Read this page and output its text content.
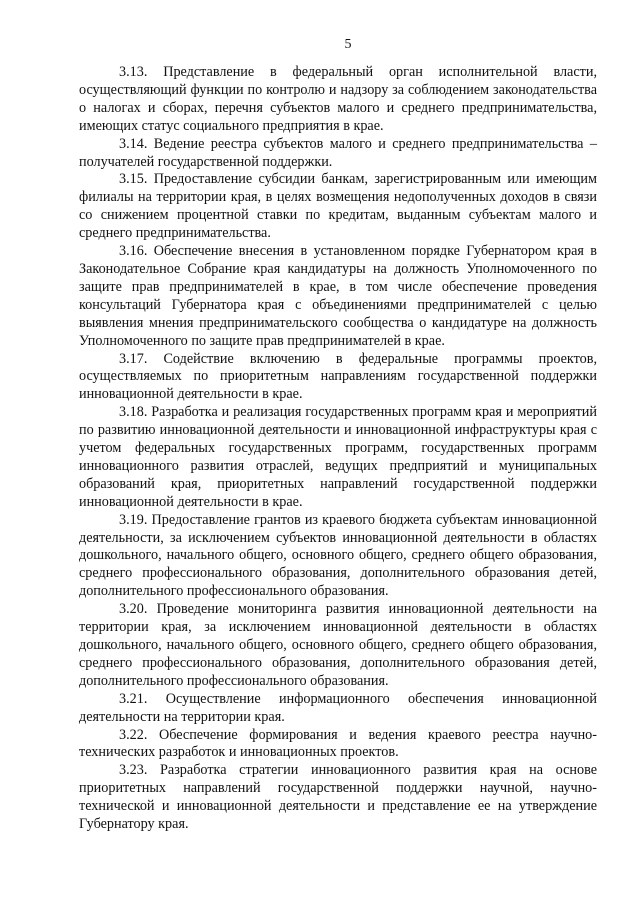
5

3.13. Представление в федеральный орган исполнительной власти, осуществляющий функции по контролю и надзору за соблюдением законодательства о налогах и сборах, перечня субъектов малого и среднего предпринимательства, имеющих статус социального предприятия в крае.

3.14. Ведение реестра субъектов малого и среднего предпринимательства – получателей государственной поддержки.

3.15. Предоставление субсидии банкам, зарегистрированным или имеющим филиалы на территории края, в целях возмещения недополученных доходов в связи со снижением процентной ставки по кредитам, выданным субъектам малого и среднего предпринимательства.

3.16. Обеспечение внесения в установленном порядке Губернатором края в Законодательное Собрание края кандидатуры на должность Уполномоченного по защите прав предпринимателей в крае, в том числе обеспечение проведения консультаций Губернатора края с объединениями предпринимателей с целью выявления мнения предпринимательского сообщества о кандидатуре на должность Уполномоченного по защите прав предпринимателей в крае.

3.17. Содействие включению в федеральные программы проектов, осуществляемых по приоритетным направлениям государственной поддержки инновационной деятельности в крае.

3.18. Разработка и реализация государственных программ края и мероприятий по развитию инновационной деятельности и инновационной инфраструктуры края с учетом федеральных государственных программ, государственных программ инновационного развития отраслей, ведущих предприятий и муниципальных образований края, приоритетных направлений государственной поддержки инновационной деятельности в крае.

3.19. Предоставление грантов из краевого бюджета субъектам инновационной деятельности, за исключением субъектов инновационной деятельности в областях дошкольного, начального общего, основного общего, среднего общего образования, среднего профессионального образования, дополнительного образования детей, дополнительного профессионального образования.

3.20. Проведение мониторинга развития инновационной деятельности на территории края, за исключением инновационной деятельности в областях дошкольного, начального общего, основного общего, среднего общего образования, среднего профессионального образования, дополнительного образования детей, дополнительного профессионального образования.

3.21. Осуществление информационного обеспечения инновационной деятельности на территории края.

3.22. Обеспечение формирования и ведения краевого реестра научно-технических разработок и инновационных проектов.

3.23. Разработка стратегии инновационного развития края на основе приоритетных направлений государственной поддержки научной, научно-технической и инновационной деятельности и представление ее на утверждение Губернатору края.
